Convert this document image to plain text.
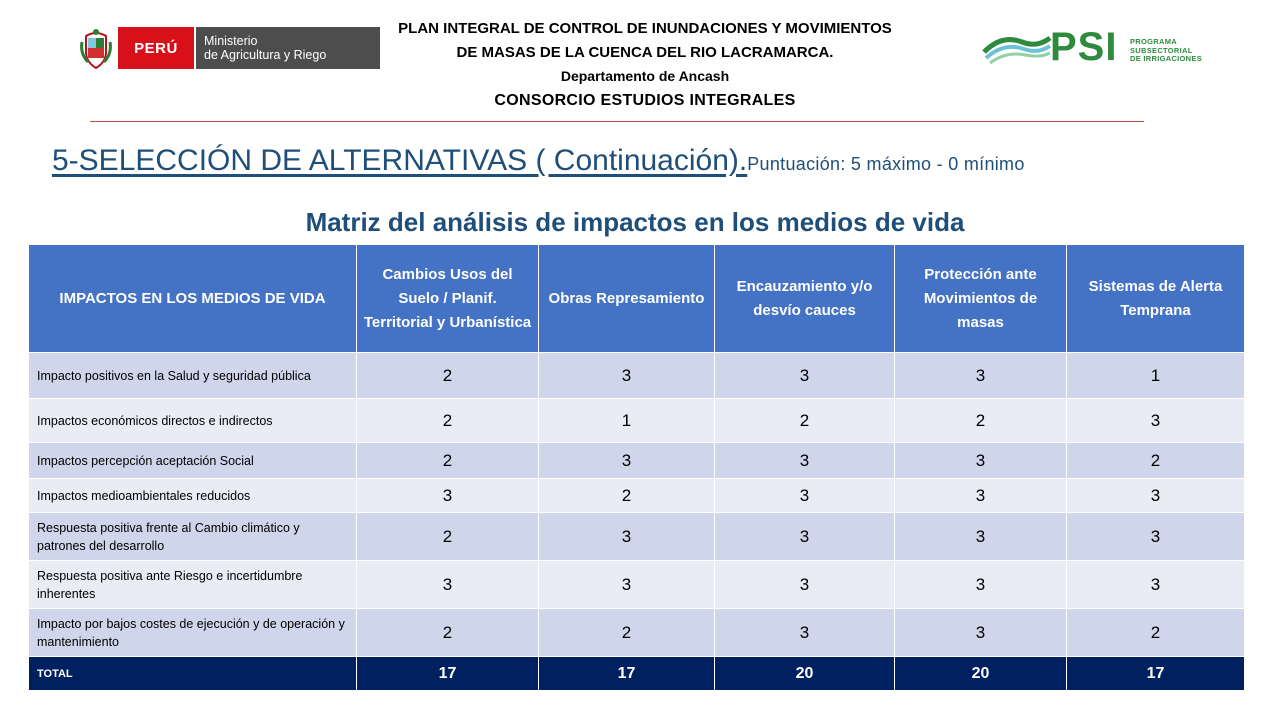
PERÚ	Ministerio
de Agricultura y Riego	PSI PROGRAMA
SUBSECTORIAL
DE IRRIGACIONES
PLAN INTEGRAL DE CONTROL DE INUNDACIONES Y MOVIMIENTOS
DE MASAS DE LA CUENCA DEL RIO LACRAMARCA.
Departamento de Ancash
CONSORCIO ESTUDIOS INTEGRALES
5-SELECCIÓN DE ALTERNATIVAS ( Continuación).Puntuación: 5 máximo - 0 mínimo
Matriz del análisis de impactos en los medios de vida
IMPACTOS EN LOS MEDIOS DE VIDA	Cambios Usos del Suelo / Planif. Territorial y Urbanística	Obras Represamiento	Encauzamiento y/o desvío cauces	Protección ante Movimientos de masas	Sistemas de Alerta Temprana
Impacto positivos en la Salud y seguridad pública	2	3	3	3	1
Impactos económicos directos e indirectos	2	1	2	2	3
Impactos percepción aceptación Social	2	3	3	3	2
Impactos medioambientales reducidos	3	2	3	3	3
Respuesta positiva frente al Cambio climático y patrones del desarrollo	2	3	3	3	3
Respuesta positiva ante Riesgo e incertidumbre inherentes	3	3	3	3	3
Impacto por bajos costes de ejecución y de operación y mantenimiento	2	2	3	3	2
TOTAL	17	17	20	20	17
